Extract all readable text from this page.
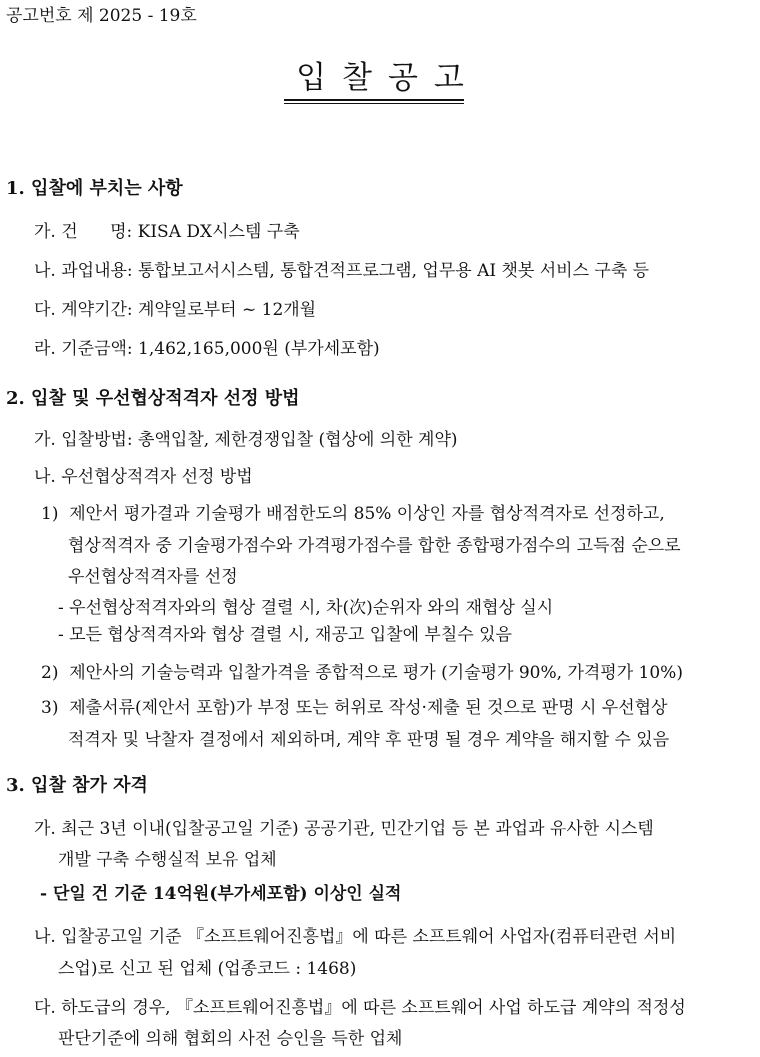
공고번호 제 2025 - 19호
입찰공고
1. 입찰에 부치는 사항
가. 건      명: KISA DX시스템 구축
나. 과업내용: 통합보고서시스템, 통합견적프로그램, 업무용 AI 챗봇 서비스 구축 등
다. 계약기간: 계약일로부터 ~ 12개월
라. 기준금액: 1,462,165,000원 (부가세포함)
2. 입찰 및 우선협상적격자 선정 방법
가. 입찰방법: 총액입찰, 제한경쟁입찰 (협상에 의한 계약)
나. 우선협상적격자 선정 방법
1)  제안서 평가결과 기술평가 배점한도의 85% 이상인 자를 협상적격자로 선정하고,
협상적격자 중 기술평가점수와 가격평가점수를 합한 종합평가점수의 고득점 순으로
우선협상적격자를 선정
- 우선협상적격자와의 협상 결렬 시, 차(次)순위자 와의 재협상 실시
- 모든 협상적격자와 협상 결렬 시, 재공고 입찰에 부칠수 있음
2)  제안사의 기술능력과 입찰가격을 종합적으로 평가 (기술평가 90%, 가격평가 10%)
3)  제출서류(제안서 포함)가 부정 또는 허위로 작성·제출 된 것으로 판명 시 우선협상
적격자 및 낙찰자 결정에서 제외하며, 계약 후 판명 될 경우 계약을 해지할 수 있음
3. 입찰 참가 자격
가. 최근 3년 이내(입찰공고일 기준) 공공기관, 민간기업 등 본 과업과 유사한 시스템
개발 구축 수행실적 보유 업체
- 단일 건 기준 14억원(부가세포함) 이상인 실적
나. 입찰공고일 기준 『소프트웨어진흥법』에 따른 소프트웨어 사업자(컴퓨터관련 서비
스업)로 신고 된 업체 (업종코드 : 1468)
다. 하도급의 경우, 『소프트웨어진흥법』에 따른 소프트웨어 사업 하도급 계약의 적정성
판단기준에 의해 협회의 사전 승인을 득한 업체
